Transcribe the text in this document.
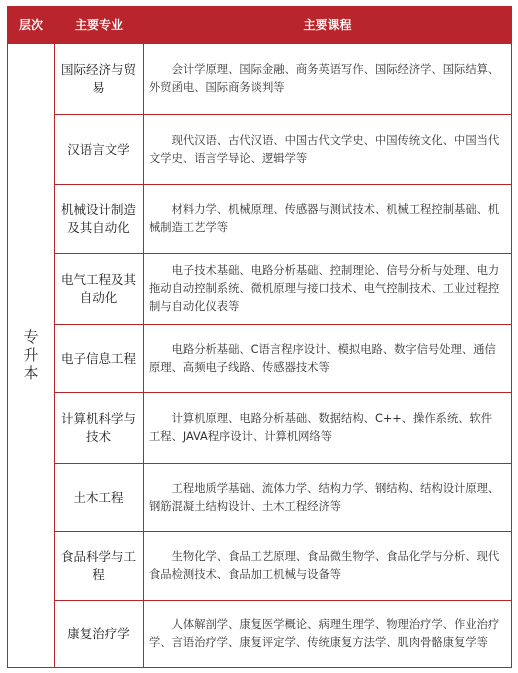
层次	主要专业	主要课程
专升本
国际经济与贸易
会计学原理、国际金融、商务英语写作、国际经济学、国际结算、外贸函电、国际商务谈判等
汉语言文学
现代汉语、古代汉语、中国古代文学史、中国传统文化、中国当代文学史、语言学导论、逻辑学等
机械设计制造及其自动化
材料力学、机械原理、传感器与测试技术、机械工程控制基础、机械制造工艺学等
电气工程及其自动化
电子技术基础、电路分析基础、控制理论、信号分析与处理、电力拖动自动控制系统、微机原理与接口技术、电气控制技术、工业过程控制与自动化仪表等
电子信息工程
电路分析基础、C语言程序设计、模拟电路、数字信号处理、通信原理、高频电子线路、传感器技术等
计算机科学与技术
计算机原理、电路分析基础、数据结构、C++、操作系统、软件工程、JAVA程序设计、计算机网络等
土木工程
工程地质学基础、流体力学、结构力学、钢结构、结构设计原理、钢筋混凝土结构设计、土木工程经济等
食品科学与工程
生物化学、食品工艺原理、食品微生物学、食品化学与分析、现代食品检测技术、食品加工机械与设备等
康复治疗学
人体解剖学、康复医学概论、病理生理学、物理治疗学、作业治疗学、言语治疗学、康复评定学、传统康复方法学、肌肉骨骼康复学等
